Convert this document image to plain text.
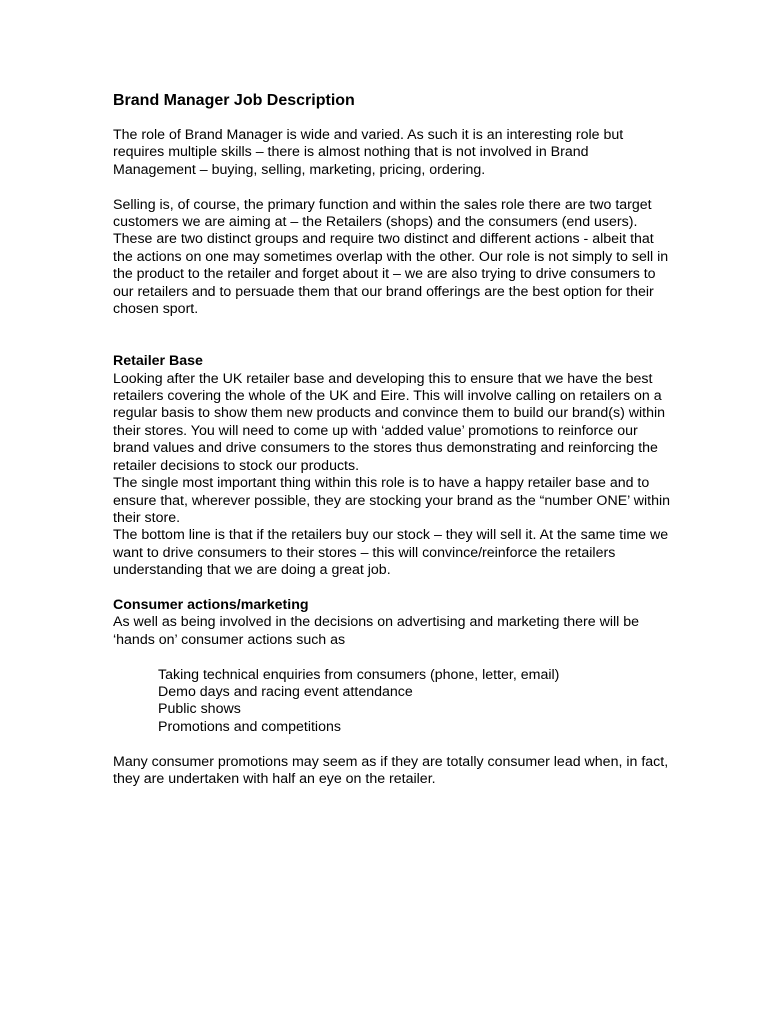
Brand Manager Job Description

The role of Brand Manager is wide and varied. As such it is an interesting role but requires multiple skills – there is almost nothing that is not involved in Brand Management – buying, selling, marketing, pricing, ordering.

Selling is, of course, the primary function and within the sales role there are two target customers we are aiming at – the Retailers (shops) and the consumers (end users). These are two distinct groups and require two distinct and different actions - albeit that the actions on one may sometimes overlap with the other. Our role is not simply to sell in the product to the retailer and forget about it – we are also trying to drive consumers to our retailers and to persuade them that our brand offerings are the best option for their chosen sport.

Retailer Base

Looking after the UK retailer base and developing this to ensure that we have the best retailers covering the whole of the UK and Eire. This will involve calling on retailers on a regular basis to show them new products and convince them to build our brand(s) within their stores. You will need to come up with ‘added value’ promotions to reinforce our brand values and drive consumers to the stores thus demonstrating and reinforcing the retailer decisions to stock our products.

The single most important thing within this role is to have a happy retailer base and to ensure that, wherever possible, they are stocking your brand as the “number ONE’ within their store.

The bottom line is that if the retailers buy our stock – they will sell it. At the same time we want to drive consumers to their stores – this will convince/reinforce the retailers understanding that we are doing a great job.

Consumer actions/marketing

As well as being involved in the decisions on advertising and marketing there will be ‘hands on’ consumer actions such as

Taking technical enquiries from consumers (phone, letter, email)
Demo days and racing event attendance
Public shows
Promotions and competitions

Many consumer promotions may seem as if they are totally consumer lead when, in fact, they are undertaken with half an eye on the retailer.
